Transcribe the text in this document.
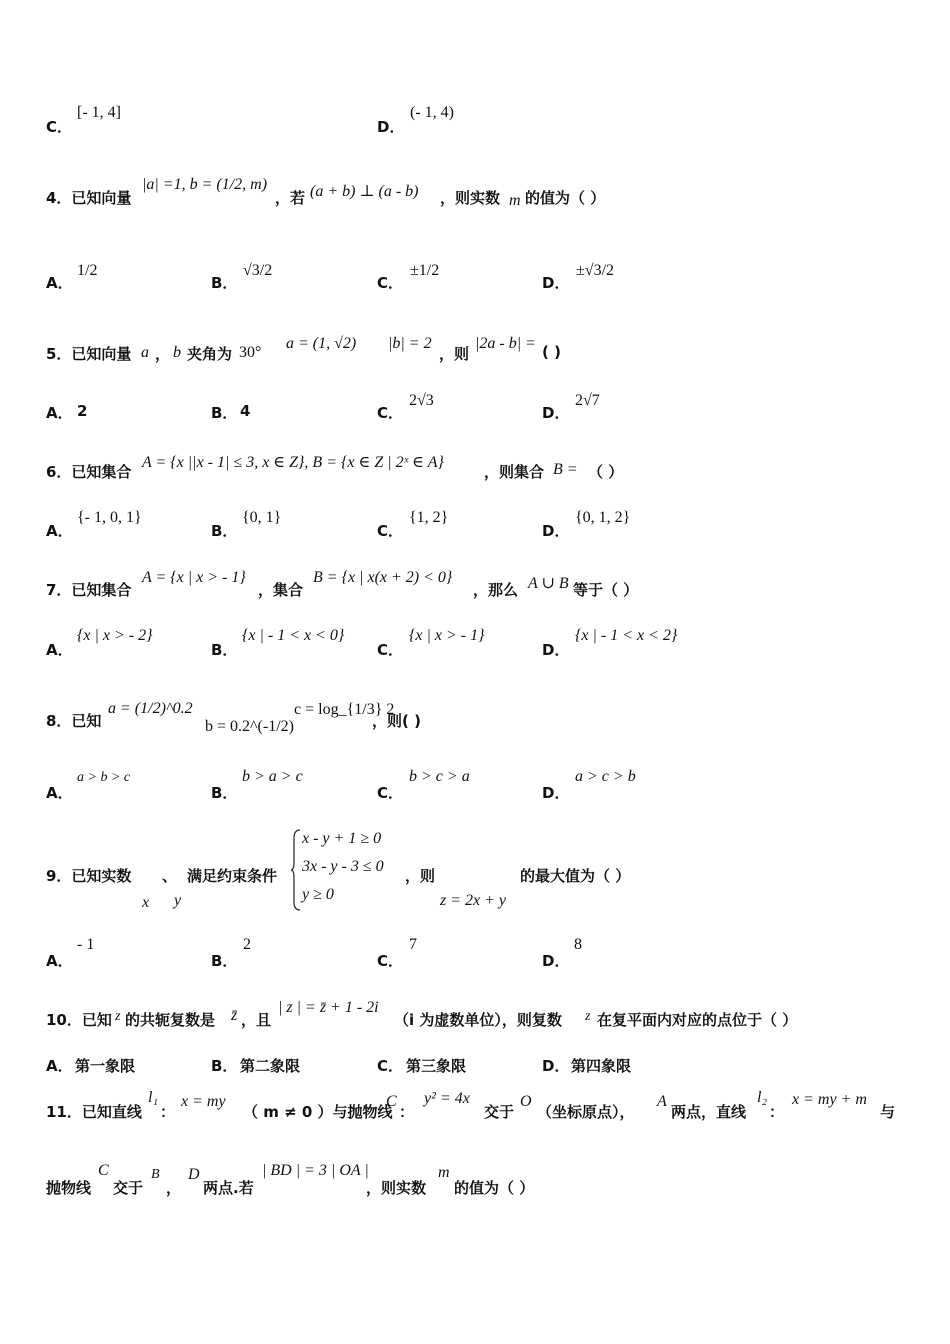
C．
[- 1, 4]
D．
(- 1, 4)
4．已知向量
|a| =1, b = (1/2, m)
，若 (a + b) ⊥ (a - b) ，则实数 m 的值为（ ）
A．
1/2
B．
√3/2
C．
±1/2
D．
±√3/2
5．已知向量 a ， b 夹角为 30°
a = (1, √2) |b| = 2
，则
|2a - b| = ( )
A． 2	B． 4	C．
2√3
D．
2√7
6．已知集合
A = {x ||x - 1| ≤ 3, x ∈ Z}, B = {x ∈ Z | 2ˣ ∈ A}
，则集合 B = （ ）
A．
{- 1, 0, 1}
B．
{0, 1}
C．
{1, 2}
D．
{0, 1, 2}
7．已知集合
A = {x | x > - 1}
，集合
B = {x | x(x + 2) < 0}
，那么 A ∪ B 等于（ ）
A．
{x | x > - 2}
B．
{x | - 1 < x < 0}
C．
{x | x > - 1}
D．
{x | - 1 < x < 2}
8．已知
a = (1/2)^0.2
b = 0.2^(-1/2)
c = log_{1/3} 2
，则( )
A．
a > b > c
B．
b > a > c
C．
b > c > a
D．
a > c > b
9．已知实数 、 满足约束条件
x y
x - y + 1 ≥ 0
3x - y - 3 ≤ 0
y ≥ 0
，则
z = 2x + y
的最大值为（ ）
A．
- 1
B．
2
C．
7
D．
8
10．已知 z 的共轭复数是 z̄ ，且
| z | = z̄ + 1 - 2i
（i 为虚数单位），则复数 z 在复平面内对应的点位于（ ）
A． 第一象限	B． 第二象限	C． 第三象限	D． 第四象限
11．已知直线
l₁
：
x = my
（ m ≠ 0 ）与抛物线
C
：
y² = 4x
交于
O
（坐标原点），
A
两点，直线
l₂
：
x = my + m
与
抛物线
C
交于
B
，
D
两点.若
| BD | = 3 | OA |
，则实数
m
的值为（ ）
